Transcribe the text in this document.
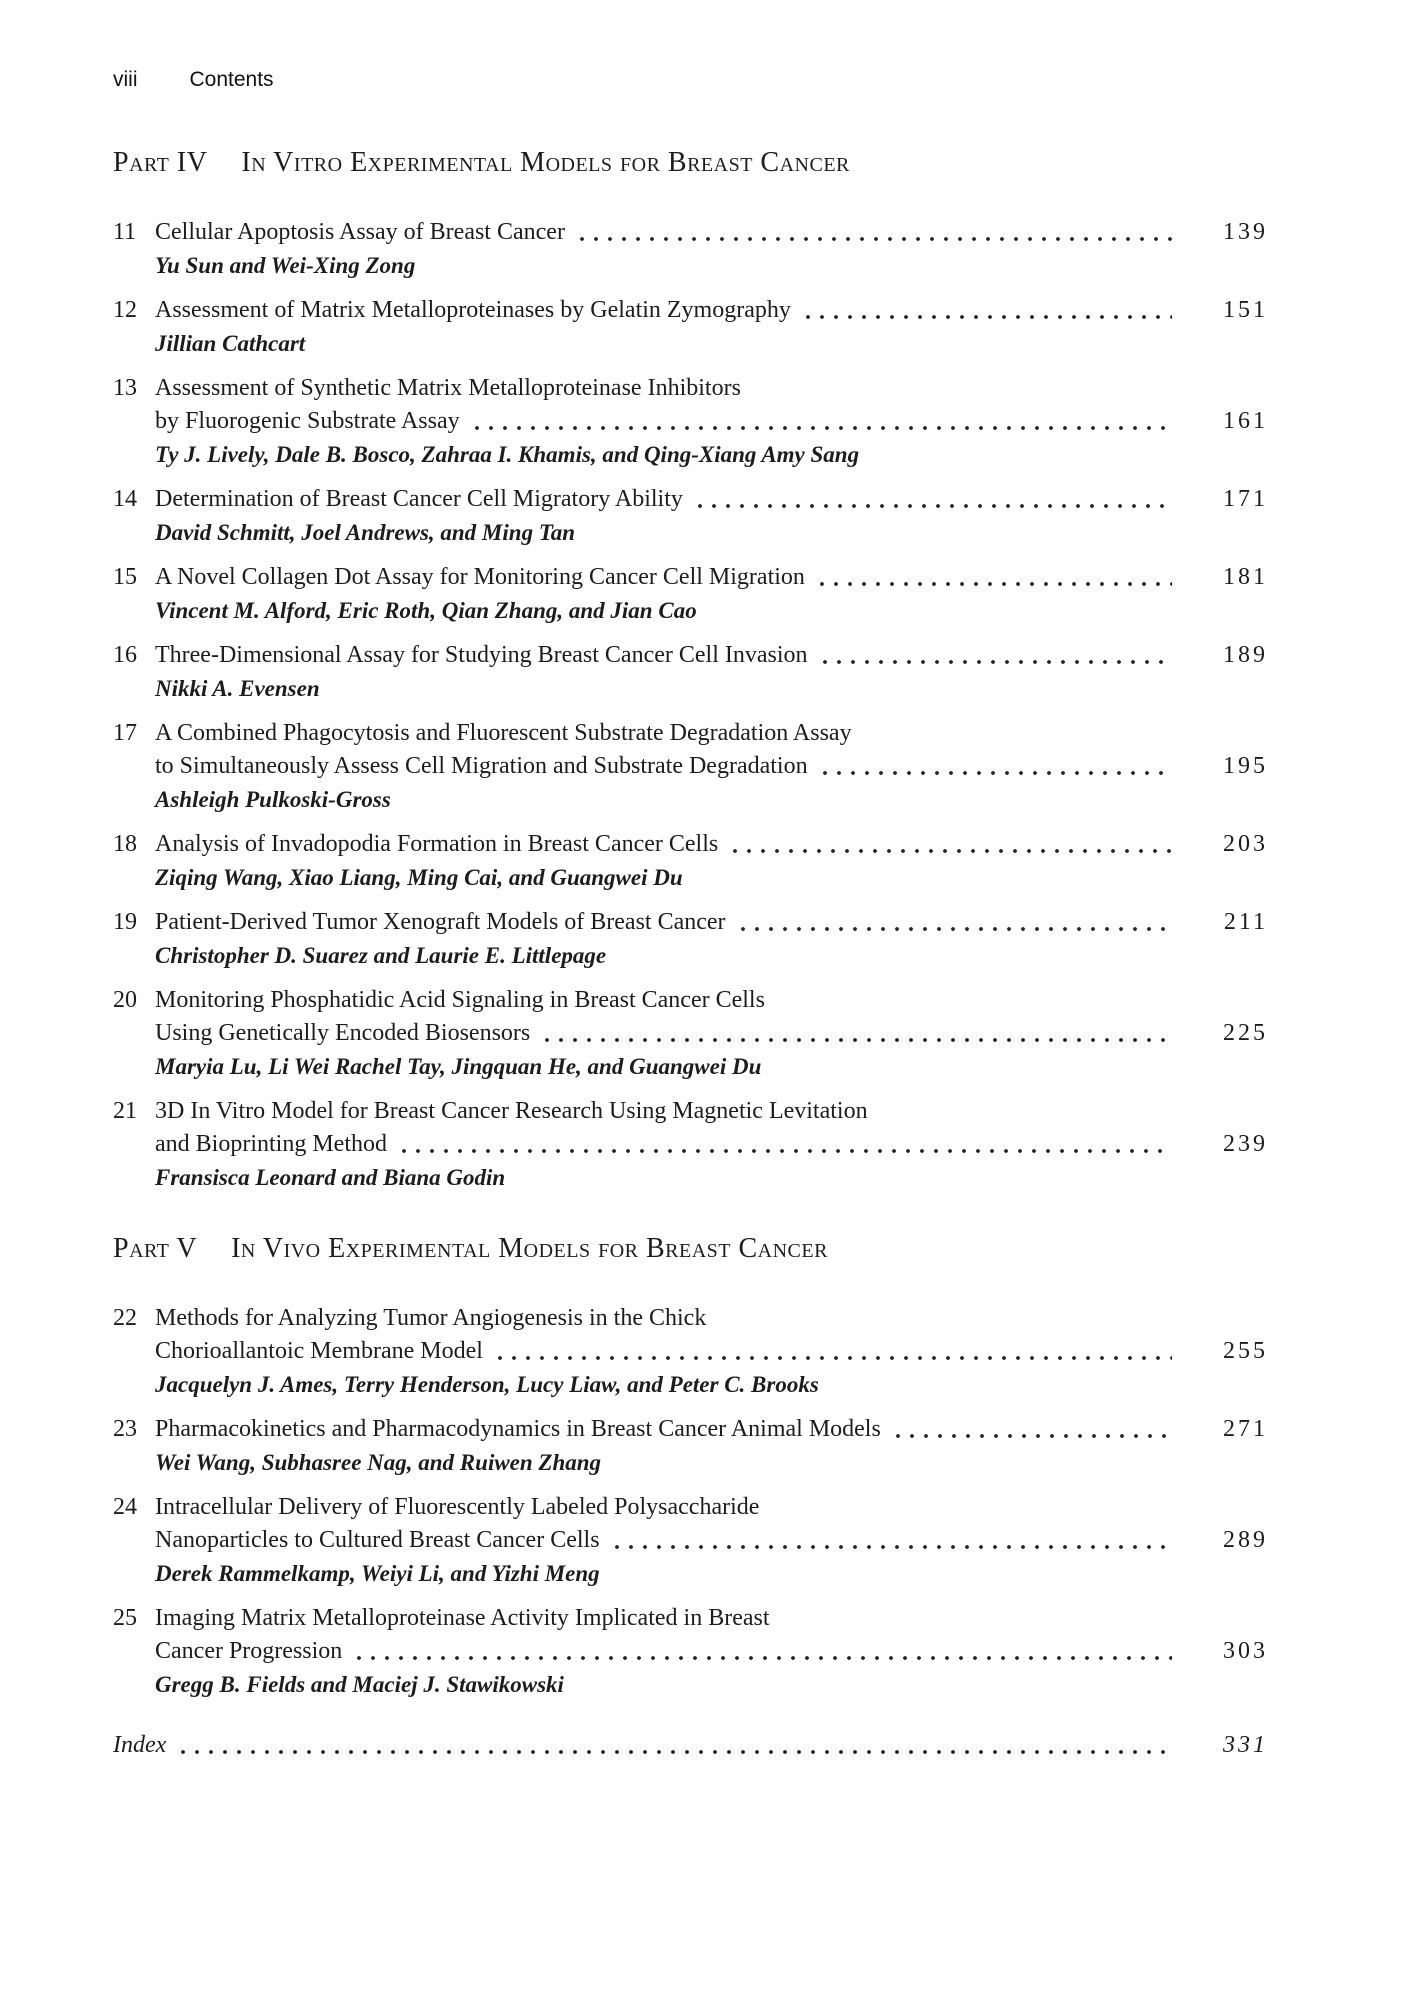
viii Contents
Part IV In Vitro Experimental Models for Breast Cancer
11 Cellular Apoptosis Assay of Breast Cancer	139
Yu Sun and Wei-Xing Zong
12 Assessment of Matrix Metalloproteinases by Gelatin Zymography	151
Jillian Cathcart
13 Assessment of Synthetic Matrix Metalloproteinase Inhibitors
by Fluorogenic Substrate Assay	161
Ty J. Lively, Dale B. Bosco, Zahraa I. Khamis, and Qing-Xiang Amy Sang
14 Determination of Breast Cancer Cell Migratory Ability	171
David Schmitt, Joel Andrews, and Ming Tan
15 A Novel Collagen Dot Assay for Monitoring Cancer Cell Migration	181
Vincent M. Alford, Eric Roth, Qian Zhang, and Jian Cao
16 Three-Dimensional Assay for Studying Breast Cancer Cell Invasion	189
Nikki A. Evensen
17 A Combined Phagocytosis and Fluorescent Substrate Degradation Assay
to Simultaneously Assess Cell Migration and Substrate Degradation	195
Ashleigh Pulkoski-Gross
18 Analysis of Invadopodia Formation in Breast Cancer Cells	203
Ziqing Wang, Xiao Liang, Ming Cai, and Guangwei Du
19 Patient-Derived Tumor Xenograft Models of Breast Cancer	211
Christopher D. Suarez and Laurie E. Littlepage
20 Monitoring Phosphatidic Acid Signaling in Breast Cancer Cells
Using Genetically Encoded Biosensors	225
Maryia Lu, Li Wei Rachel Tay, Jingquan He, and Guangwei Du
21 3D In Vitro Model for Breast Cancer Research Using Magnetic Levitation
and Bioprinting Method	239
Fransisca Leonard and Biana Godin
Part V In Vivo Experimental Models for Breast Cancer
22 Methods for Analyzing Tumor Angiogenesis in the Chick
Chorioallantoic Membrane Model	255
Jacquelyn J. Ames, Terry Henderson, Lucy Liaw, and Peter C. Brooks
23 Pharmacokinetics and Pharmacodynamics in Breast Cancer Animal Models	271
Wei Wang, Subhasree Nag, and Ruiwen Zhang
24 Intracellular Delivery of Fluorescently Labeled Polysaccharide
Nanoparticles to Cultured Breast Cancer Cells	289
Derek Rammelkamp, Weiyi Li, and Yizhi Meng
25 Imaging Matrix Metalloproteinase Activity Implicated in Breast
Cancer Progression	303
Gregg B. Fields and Maciej J. Stawikowski
Index	331
